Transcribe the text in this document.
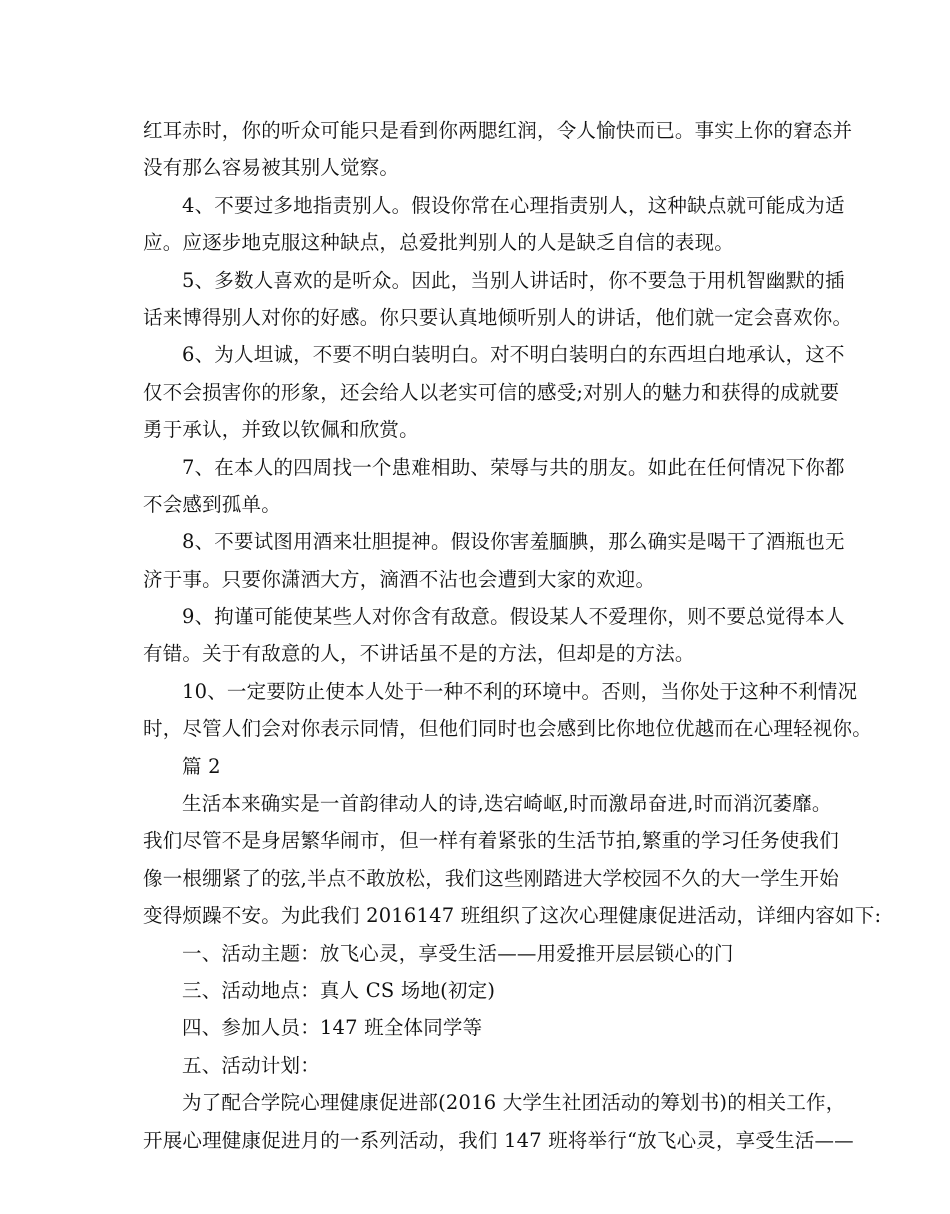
红耳赤时，你的听众可能只是看到你两腮红润，令人愉快而已。事实上你的窘态并
没有那么容易被其别人觉察。
4、不要过多地指责别人。假设你常在心理指责别人，这种缺点就可能成为适
应。应逐步地克服这种缺点，总爱批判别人的人是缺乏自信的表现。
5、多数人喜欢的是听众。因此，当别人讲话时，你不要急于用机智幽默的插
话来博得别人对你的好感。你只要认真地倾听别人的讲话，他们就一定会喜欢你。
6、为人坦诚，不要不明白装明白。对不明白装明白的东西坦白地承认，这不
仅不会损害你的形象，还会给人以老实可信的感受;对别人的魅力和获得的成就要
勇于承认，并致以钦佩和欣赏。
7、在本人的四周找一个患难相助、荣辱与共的朋友。如此在任何情况下你都
不会感到孤单。
8、不要试图用酒来壮胆提神。假设你害羞腼腆，那么确实是喝干了酒瓶也无
济于事。只要你潇洒大方，滴酒不沾也会遭到大家的欢迎。
9、拘谨可能使某些人对你含有敌意。假设某人不爱理你，则不要总觉得本人
有错。关于有敌意的人，不讲话虽不是的方法，但却是的方法。
10、一定要防止使本人处于一种不利的环境中。否则，当你处于这种不利情况
时，尽管人们会对你表示同情，但他们同时也会感到比你地位优越而在心理轻视你。
篇 2
生活本来确实是一首韵律动人的诗,迭宕崎岖,时而激昂奋进,时而消沉萎靡。
我们尽管不是身居繁华闹市，但一样有着紧张的生活节拍,繁重的学习任务使我们
像一根绷紧了的弦,半点不敢放松，我们这些刚踏进大学校园不久的大一学生开始
变得烦躁不安。为此我们 2016147 班组织了这次心理健康促进活动，详细内容如下:
一、活动主题：放飞心灵，享受生活——用爱推开层层锁心的门
三、活动地点：真人 CS 场地(初定)
四、参加人员：147 班全体同学等
五、活动计划：
为了配合学院心理健康促进部(2016 大学生社团活动的筹划书)的相关工作，
开展心理健康促进月的一系列活动，我们 147 班将举行“放飞心灵，享受生活——
